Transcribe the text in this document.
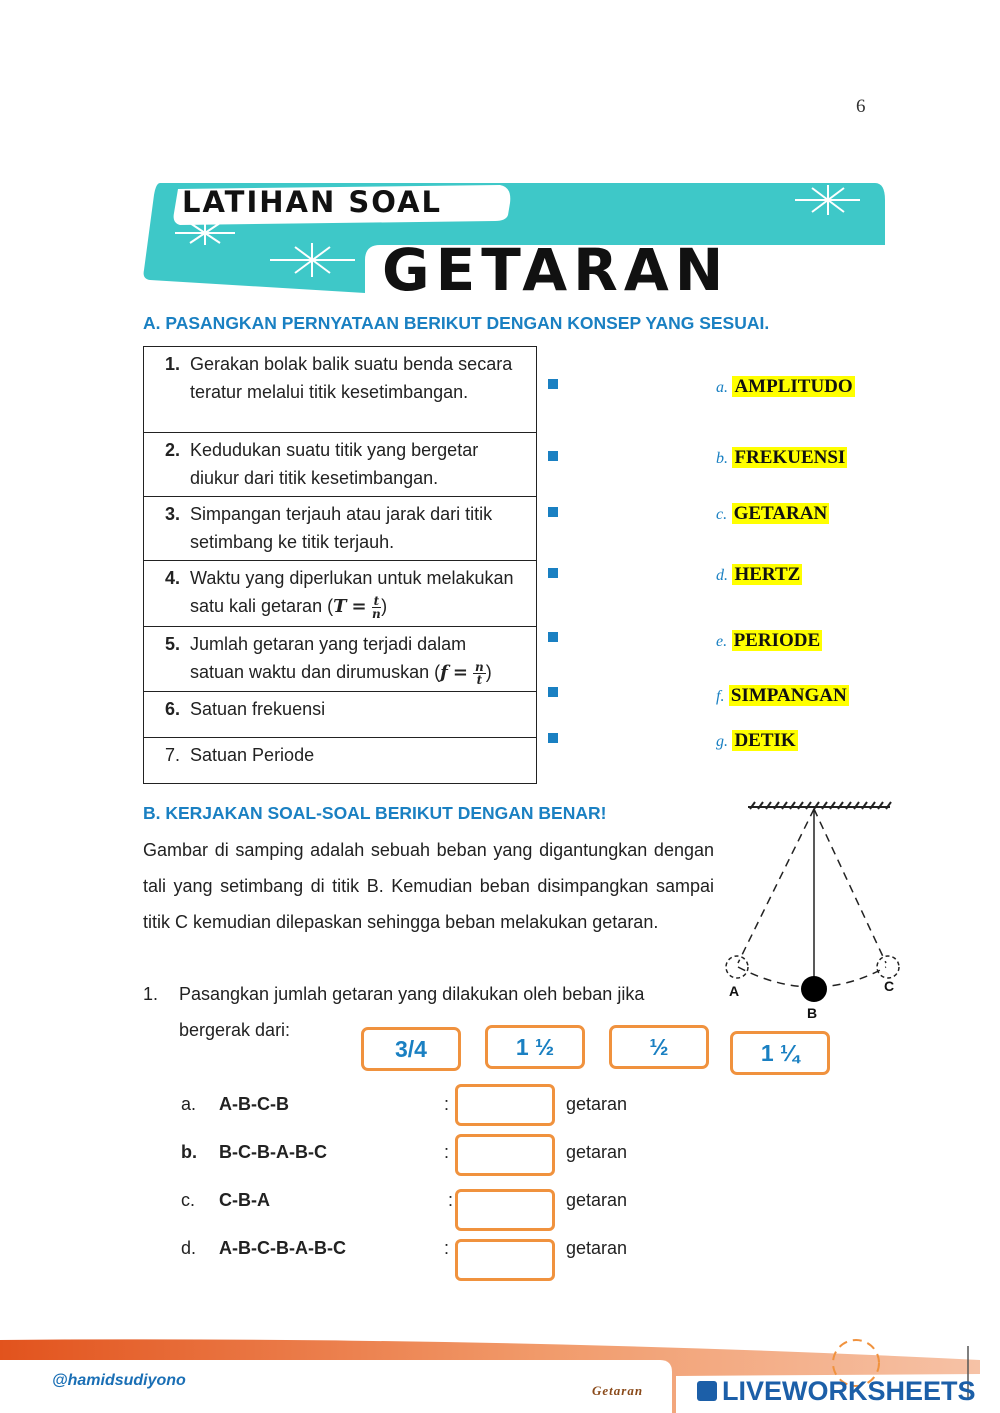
6
LATIHAN SOAL
GETARAN
A. PASANGKAN PERNYATAAN BERIKUT DENGAN KONSEP YANG SESUAI.
1.	Gerakan bolak balik suatu benda secara teratur melalui titik kesetimbangan.
2.	Kedudukan suatu titik yang bergetar diukur dari titik kesetimbangan.
3.	Simpangan terjauh atau jarak dari titik setimbang ke titik terjauh.
4.	Waktu yang diperlukan untuk melakukan satu kali getaran ($T = \frac{t}{n}$ )
5.	Jumlah getaran yang terjadi dalam
satuan waktu dan dirumuskan ($f = \frac{n}{t}$ )
6.	Satuan frekuensi
7.	Satuan Periode
a. AMPLITUDO
b. FREKUENSI
c. GETARAN
d. HERTZ
e. PERIODE
f. SIMPANGAN
g. DETIK
B. KERJAKAN SOAL-SOAL BERIKUT DENGAN BENAR!
Gambar di samping adalah sebuah beban yang digantungkan dengan tali yang setimbang di titik B. Kemudian beban disimpangkan sampai titik C kemudian dilepaskan sehingga beban melakukan getaran.
A
B
C
1. Pasangkan jumlah getaran yang dilakukan oleh beban jika
bergerak dari:
3/4	1 ½	½	1 ¼
a. A-B-C-B	:	getaran
b. B-C-B-A-B-C	:	getaran
c. C-B-A	:	getaran
d. A-B-C-B-A-B-C	:	getaran
@hamidsudiyono
Getaran	LIVEWORKSHEETS
